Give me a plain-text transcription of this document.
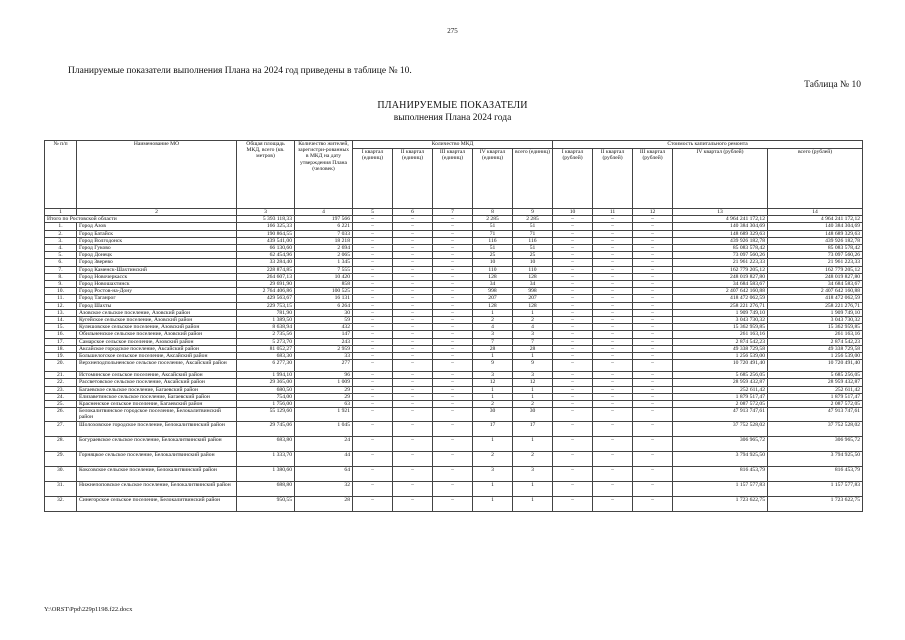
275
Планируемые показатели выполнения Плана на 2024 год приведены в таблице № 10.
Таблица № 10
ПЛАНИРУЕМЫЕ ПОКАЗАТЕЛИ
выполнения Плана 2024 года
№ п/п	Наименование МО	Общая площадь МКД, всего (кв. метров)	Количество жителей, зарегистри-рованных в МКД на дату утверждения Плана (человек)	Количество МКД					Стоимость капитального ремонта				
				I квартал (единиц)	II квартал (единиц)	III квартал (единиц)	IV квартал (единиц)	всего (единиц)	I квартал (рублей)	II квартал (рублей)	III квартал (рублей)	IV квартал (рублей)	всего (рублей)
1	2	3	4	5	6	7	8	9	10	11	12	13	14
Итого по Ростовской области		5 393 118,33	197 566	–	–	–	2 285	2 285	–	–	–	4 964 241 172,12	4 964 241 172,12
1.	Город Азов	166 325,33	6 221	–	–	–	51	51	–	–	–	140 384 304,69	140 384 304,69
2.	Город Батайск	190 864,55	7 033	–	–	–	71	71	–	–	–	148 689 329,63	148 689 329,63
3.	Город Волгодонск	439 541,00	18 218	–	–	–	116	116	–	–	–	439 926 182,78	439 926 182,78
4.	Город Гуково	66 130,60	2 694	–	–	–	51	51	–	–	–	85 083 578,42	85 083 578,42
5.	Город Донецк	62 454,96	2 065	–	–	–	25	25	–	–	–	73 097 560,26	73 097 560,26
6.	Город Зверево	33 284,40	1 345	–	–	–	10	10	–	–	–	21 961 223,33	21 961 223,33
7.	Город Каменск-Шахтинский	228 874,85	7 555	–	–	–	110	110	–	–	–	162 779 205,12	162 779 205,12
8.	Город Новочеркасск	264 607,13	10 420	–	–	–	128	128	–	–	–	248 019 827,80	248 019 827,80
9.	Город Новошахтинск	29 691,90	858	–	–	–	34	34	–	–	–	34 684 583,67	34 684 583,67
10.	Город Ростов-на-Дону	2 764 406,86	100 525	–	–	–	998	998	–	–	–	2 407 642 160,88	2 407 642 160,88
11.	Город Таганрог	429 563,67	16 131	–	–	–	207	207	–	–	–	418 472 062,59	418 472 062,59
12.	Город Шахты	229 753,15	6 264	–	–	–	128	128	–	–	–	258 221 276,71	258 221 276,71
13.	Азовское сельское поселение, Азовский район	781,90	30	–	–	–	1	1	–	–	–	1 909 749,10	1 909 749,10
14.	Кугейское сельское поселение, Азовский район	1 389,50	59	–	–	–	2	2	–	–	–	3 043 730,32	3 043 730,32
15.	Кулешовское сельское поселение, Азовский район	8 638,94	432	–	–	–	4	4	–	–	–	15 362 959,85	15 362 959,85
16.	Обильненское сельское поселение, Азовский район	2 735,56	147	–	–	–	3	3	–	–	–	261 163,16	261 163,16
17.	Самарское сельское поселение, Азовский район	5 273,70	243	–	–	–	7	7	–	–	–	2 874 542,23	2 874 542,23
18.	Аксайское городское поселение, Аксайский район	81 052,27	2 959	–	–	–	28	28	–	–	–	49 338 729,58	49 338 729,58
19.	Большелогское сельское поселение, Аксайский район	683,30	33	–	–	–	1	1	–	–	–	1 256 539,00	1 256 539,00
20.	Верхнеподпольненское сельское поселение, Аксайский район	6 277,30	277	–	–	–	9	9	–	–	–	10 720 491,40	10 720 491,40
21.	Истоминское сельское поселение, Аксайский район	1 994,10	96	–	–	–	3	3	–	–	–	5 685 256,05	5 685 256,05
22.	Рассветовское сельское поселение, Аксайский район	29 365,00	1 009	–	–	–	12	12	–	–	–	28 959 432,87	28 959 432,87
23.	Багаевское сельское поселение, Багаевский район	680,50	29	–	–	–	1	1	–	–	–	252 611,42	252 611,42
24.	Елизаветинское сельское поселение, Багаевский район	754,00	29	–	–	–	1	1	–	–	–	1 879 517,47	1 879 517,47
25.	Красненское сельское поселение, Багаевский район	1 756,00	63	–	–	–	2	2	–	–	–	2 087 572,05	2 087 572,05
26.	Белокалитвинское городское поселение, Белокалитвинский район	55 129,60	1 921	–	–	–	30	30	–	–	–	47 913 747,61	47 913 747,61
27.	Шолоховское городское поселение, Белокалитвинский район	29 745,06	1 045	–	–	–	17	17	–	–	–	37 752 528,02	37 752 528,02
28.	Богураевское сельское поселение, Белокалитвинский район	683,80	24	–	–	–	1	1	–	–	–	306 965,72	306 965,72
29.	Горняцкое сельское поселение, Белокалитвинский район	1 333,70	44	–	–	–	2	2	–	–	–	3 794 925,50	3 794 925,50
30.	Коксовское сельское поселение, Белокалитвинский район	1 380,60	64	–	–	–	3	3	–	–	–	816 453,79	816 453,79
31.	Нижнепоповское сельское поселение, Белокалитвинский район	688,80	32	–	–	–	1	1	–	–	–	1 157 577,83	1 157 577,83
32.	Синегорское сельское поселение, Белокалитвинский район	950,55	28	–	–	–	1	1	–	–	–	1 723 622,75	1 723 622,75
Y:\ORST\Ppd\229p1198.f22.docx
